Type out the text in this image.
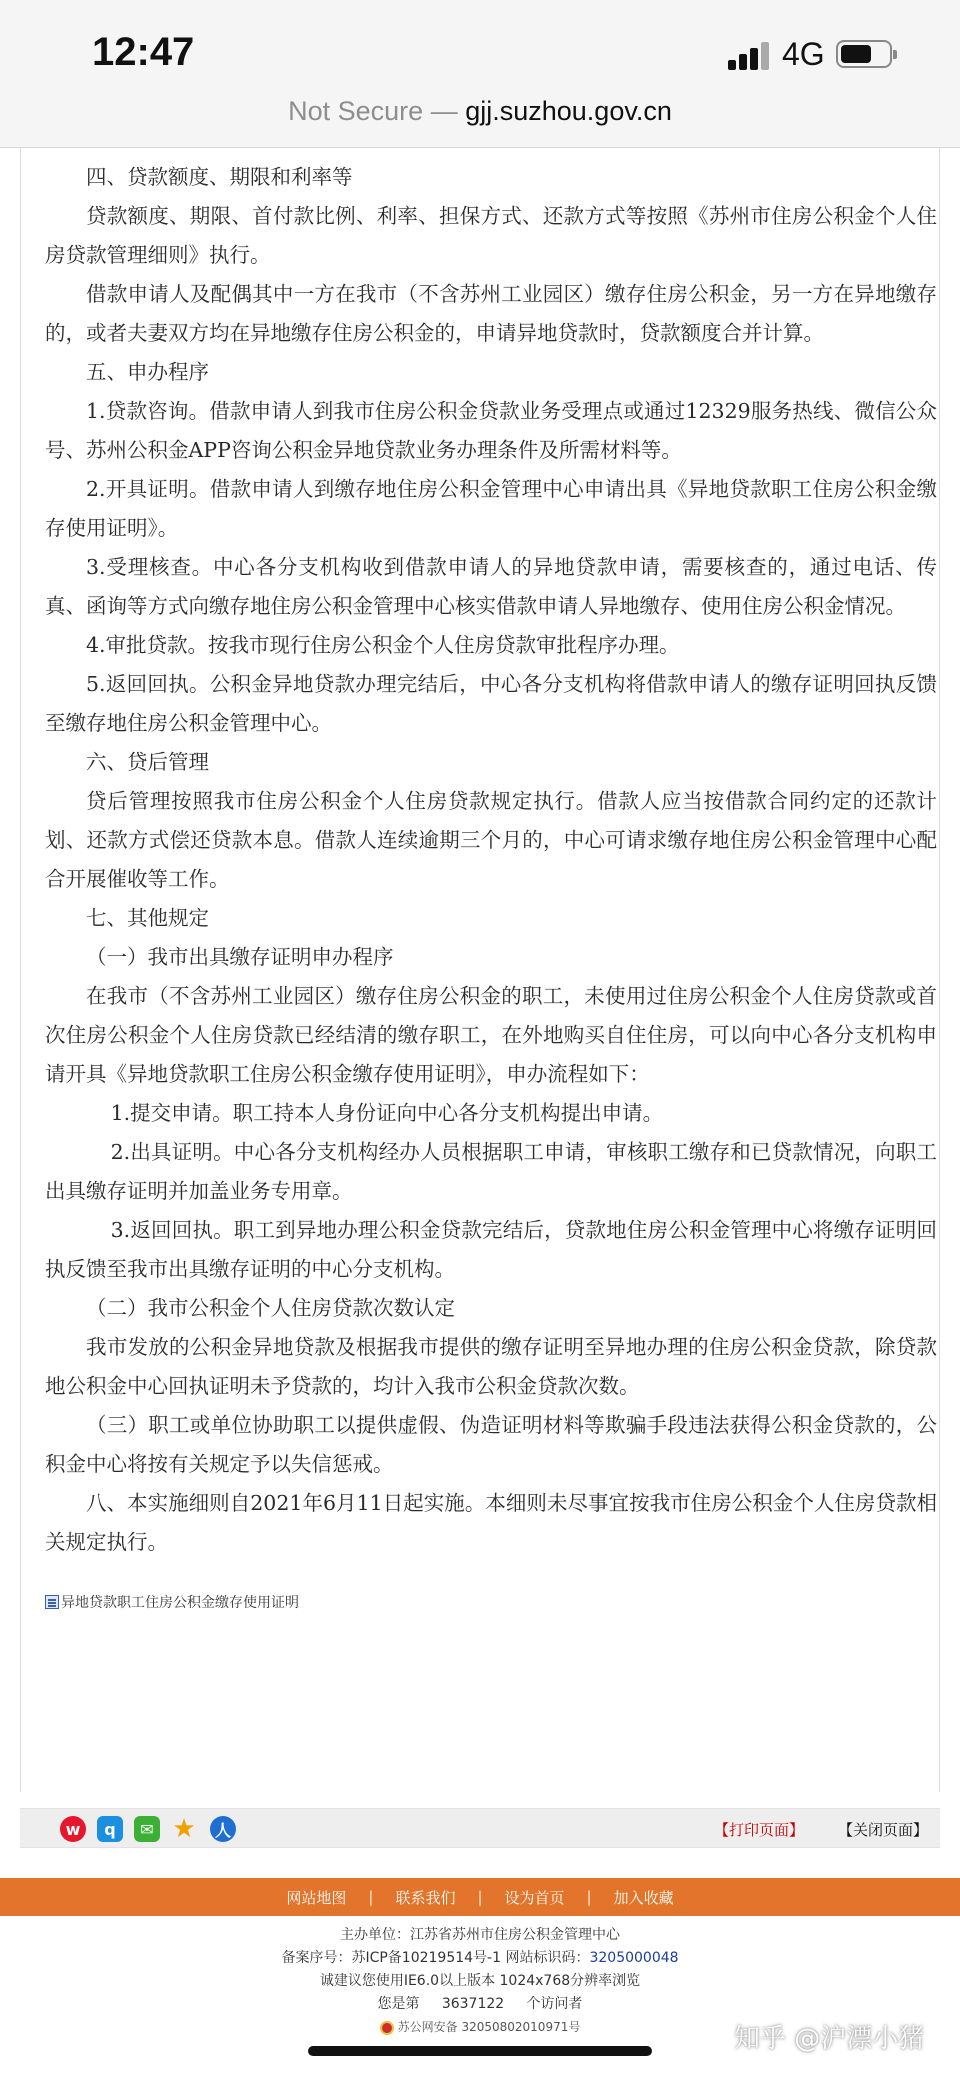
12:47	4G
Not Secure — gjj.suzhou.gov.cn

四、贷款额度、期限和利率等

贷款额度、期限、首付款比例、利率、担保方式、还款方式等按照《苏州市住房公积金个人住房贷款管理细则》执行。

借款申请人及配偶其中一方在我市（不含苏州工业园区）缴存住房公积金，另一方在异地缴存的，或者夫妻双方均在异地缴存住房公积金的，申请异地贷款时，贷款额度合并计算。

五、申办程序

1.贷款咨询。借款申请人到我市住房公积金贷款业务受理点或通过12329服务热线、微信公众号、苏州公积金APP咨询公积金异地贷款业务办理条件及所需材料等。

2.开具证明。借款申请人到缴存地住房公积金管理中心申请出具《异地贷款职工住房公积金缴存使用证明》。

3.受理核查。中心各分支机构收到借款申请人的异地贷款申请，需要核查的，通过电话、传真、函询等方式向缴存地住房公积金管理中心核实借款申请人异地缴存、使用住房公积金情况。

4.审批贷款。按我市现行住房公积金个人住房贷款审批程序办理。

5.返回回执。公积金异地贷款办理完结后，中心各分支机构将借款申请人的缴存证明回执反馈至缴存地住房公积金管理中心。

六、贷后管理

贷后管理按照我市住房公积金个人住房贷款规定执行。借款人应当按借款合同约定的还款计划、还款方式偿还贷款本息。借款人连续逾期三个月的，中心可请求缴存地住房公积金管理中心配合开展催收等工作。

七、其他规定

（一）我市出具缴存证明申办程序

在我市（不含苏州工业园区）缴存住房公积金的职工，未使用过住房公积金个人住房贷款或首次住房公积金个人住房贷款已经结清的缴存职工，在外地购买自住住房，可以向中心各分支机构申请开具《异地贷款职工住房公积金缴存使用证明》，申办流程如下：

1.提交申请。职工持本人身份证向中心各分支机构提出申请。

2.出具证明。中心各分支机构经办人员根据职工申请，审核职工缴存和已贷款情况，向职工出具缴存证明并加盖业务专用章。

3.返回回执。职工到异地办理公积金贷款完结后，贷款地住房公积金管理中心将缴存证明回执反馈至我市出具缴存证明的中心分支机构。

（二）我市公积金个人住房贷款次数认定

我市发放的公积金异地贷款及根据我市提供的缴存证明至异地办理的住房公积金贷款，除贷款地公积金中心回执证明未予贷款的，均计入我市公积金贷款次数。

（三）职工或单位协助职工以提供虚假、伪造证明材料等欺骗手段违法获得公积金贷款的，公积金中心将按有关规定予以失信惩戒。

八、本实施细则自2021年6月11日起实施。本细则未尽事宜按我市住房公积金个人住房贷款相关规定执行。

异地贷款职工住房公积金缴存使用证明
w	q	✉ ★	人	【打印页面】 【关闭页面】
网站地图	|	联系我们	|	设为首页	|	加入收藏
主办单位：江苏省苏州市住房公积金管理中心
备案序号：苏ICP备10219514号-1 网站标识码：3205000048
诚建议您使用IE6.0以上版本 1024x768分辨率浏览
您是第 3637122 个访问者
苏公网安备 32050802010971号	知乎 @沪漂小猪
